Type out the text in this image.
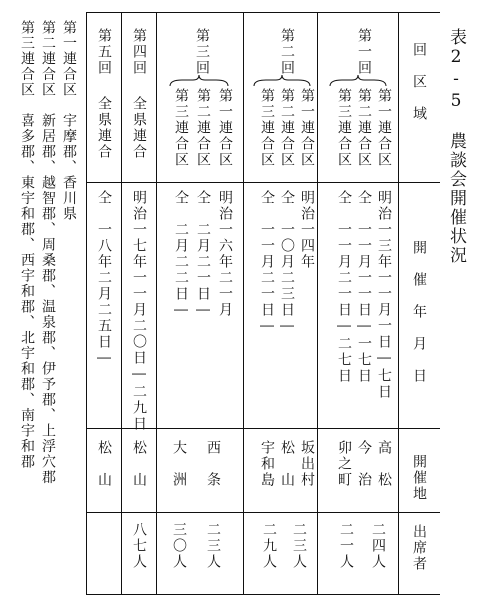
表2-5　農談会開催状況
回　区　域
開　催　年　月　日
開催地
出席者
第一回
第一連合区
第二連合区
第三連合区
明治一三年一一月一日―七日
仝　一一月一一日―一七日
仝　一一月二一日―二七日
高　松
今　治
卯之町
二四人
二一人
第二回
第一連合区
第二連合区
第三連合区
明治一四年
仝　一〇月二三日―
仝　一一月二一日―
坂出村
松　山
宇和島
二三人
二九人
第三回
第一連合区
第二連合区
第三連合区
明治一六年二一月
仝　二月二一日―
仝　二月二二日―
西　条
大　洲
二三人
三〇人
第四回
全県連合
明治一七年一一月二〇日―二九日
松　山
八七人
第五回
全県連合
仝　一八年二月二五日―
松　山
第一連合区　宇摩郡、香川県
第二連合区　新居郡、越智郡、周桑郡、温泉郡、伊予郡、上浮穴郡
第三連合区　喜多郡、東宇和郡、西宇和郡、北宇和郡、南宇和郡
